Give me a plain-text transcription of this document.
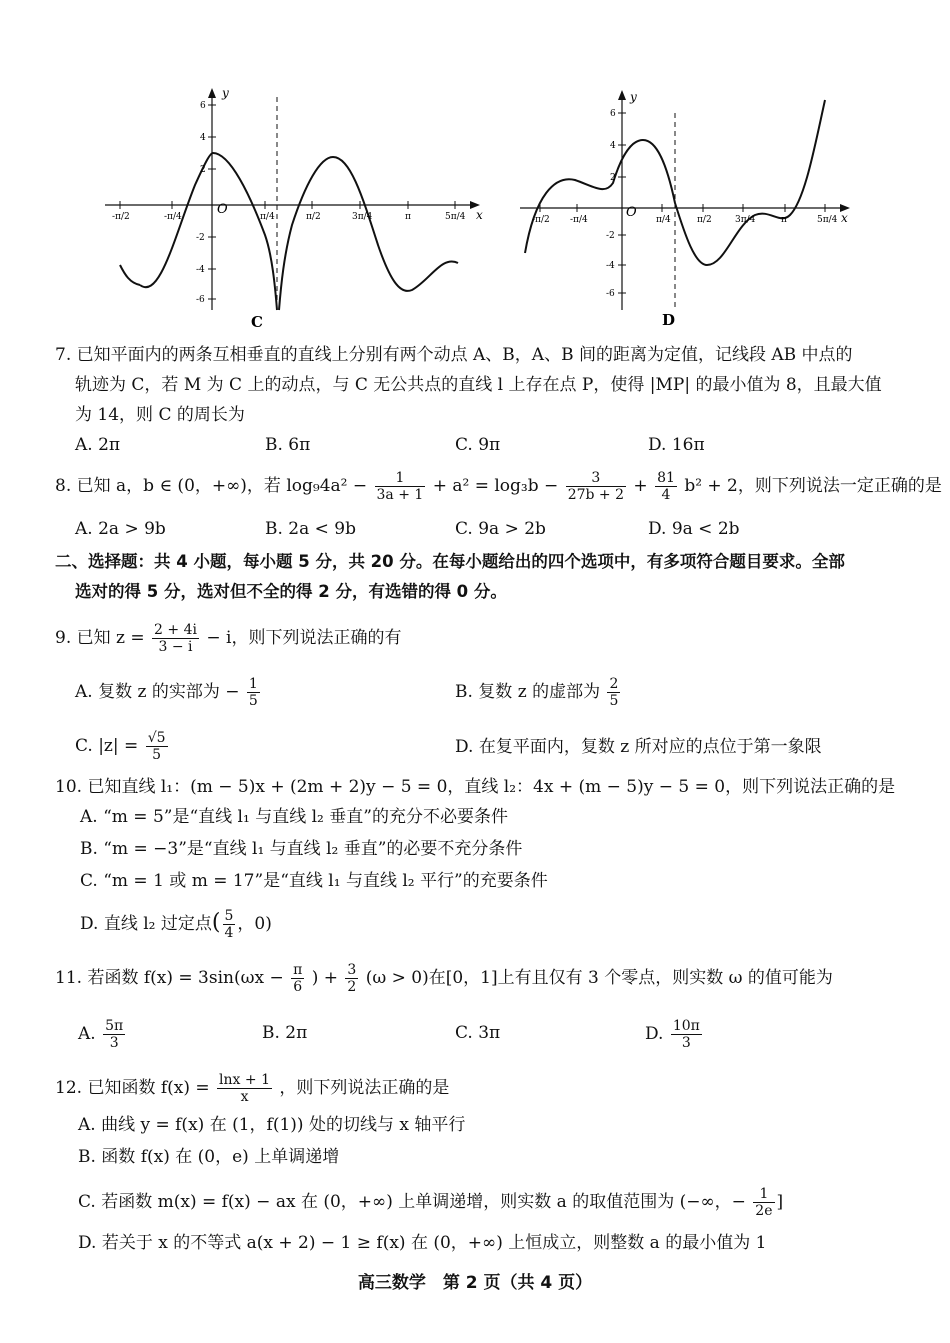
6
4
2
-2
-4
-6
-π/2	-π/4	π/4	π/2	3π/4	π	5π/4
y
x
O
C
6
4
2
-2
-4
-6
-π/2 -π/4	π/4	π/2	3π/4	π	5π/4
y
x
O
D
7. 已知平面内的两条互相垂直的直线上分别有两个动点 A、B，A、B 间的距离为定值，记线段 AB 中点的
轨迹为 C，若 M 为 C 上的动点，与 C 无公共点的直线 l 上存在点 P，使得 |MP| 的最小值为 8，且最大值
为 14，则 C 的周长为
A. 2π	B. 6π	C. 9π	D. 16π
8. 已知 a，b ∈ (0，+∞)，若 $\log_94a^2 - \frac{1}{3a + 1} + a^2 = \log_3b - \frac{3}{27b + 2} + \frac{81}{4} b^2 + 2$，则下列说法一定正确的是
A. 2a > 9b	B. 2a < 9b	C. 9a > 2b	D. 9a < 2b
二、选择题：共 4 小题，每小题 5 分，共 20 分。在每小题给出的四个选项中，有多项符合题目要求。全部
选对的得 5 分，选对但不全的得 2 分，有选错的得 0 分。
9. 已知 $z = \frac{2 + 4i}{3 - i} - i$，则下列说法正确的有
A. 复数 z 的实部为 − $\frac{1}{5}$	B. 复数 z 的虚部为 $\frac{2}{5}$
C. $|z| = \frac{√5}{5}$	D. 在复平面内，复数 z 所对应的点位于第一象限
10. 已知直线 l₁：(m − 5)x + (2m + 2)y − 5 = 0，直线 l₂：4x + (m − 5)y − 5 = 0，则下列说法正确的是
A. “m = 5”是“直线 l₁ 与直线 l₂ 垂直”的充分不必要条件
B. “m = −3”是“直线 l₁ 与直线 l₂ 垂直”的必要不充分条件
C. “m = 1 或 m = 17”是“直线 l₁ 与直线 l₂ 平行”的充要条件
D. 直线 l₂ 过定点( $\frac{5}{4}$ ，0)
11. 若函数 $f(x) = 3\sin(\omega x - \frac{\pi}{6}$ ) + $\frac{3}{2} (\omega > 0)$在[0，1]上有且仅有 3 个零点，则实数 ω 的值可能为
A. $\frac{5\pi}{3}$	B. 2π	C. 3π	D. $\frac{10\pi}{3}$
12. 已知函数 $f(x) = \frac{\ln x + 1}{x}$ ，则下列说法正确的是
A. 曲线 y = f(x) 在 (1，f(1)) 处的切线与 x 轴平行
B. 函数 f(x) 在 (0，e) 上单调递增
C. 若函数 m(x) = f(x) − ax 在 (0，+∞) 上单调递增，则实数 a 的取值范围为 (−∞，− $\frac{1}{2e}$ ]
D. 若关于 x 的不等式 a(x + 2) − 1 ≥ f(x) 在 (0，+∞) 上恒成立，则整数 a 的最小值为 1
高三数学　第 2 页（共 4 页）
